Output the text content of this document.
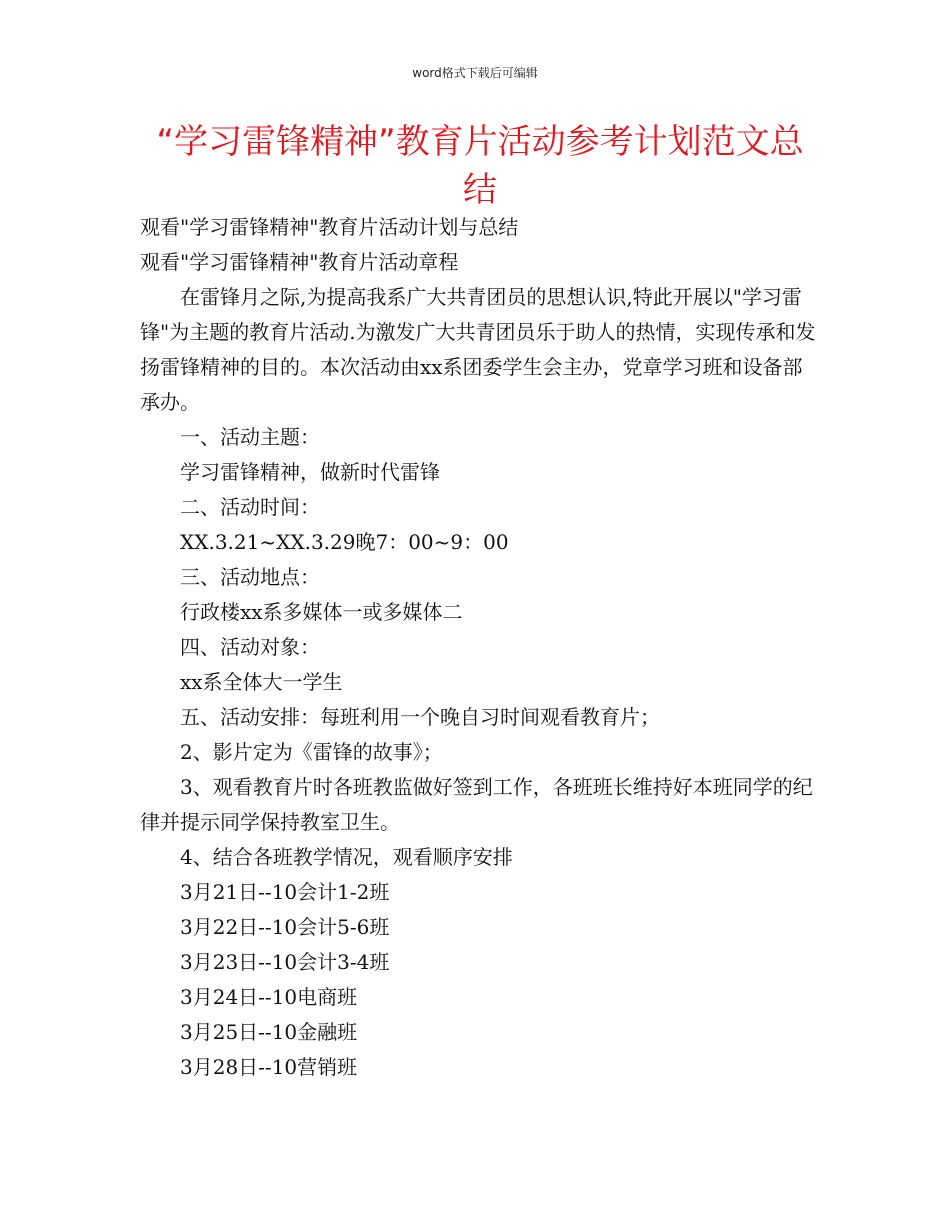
word格式下载后可编辑
“学习雷锋精神”教育片活动参考计划范文总结

观看"学习雷锋精神"教育片活动计划与总结

观看"学习雷锋精神"教育片活动章程

在雷锋月之际,为提高我系广大共青团员的思想认识,特此开展以"学习雷锋"为主题的教育片活动.为激发广大共青团员乐于助人的热情，实现传承和发扬雷锋精神的目的。本次活动由xx系团委学生会主办，党章学习班和设备部承办。

一、活动主题：

学习雷锋精神，做新时代雷锋

二、活动时间：

XX.3.21~XX.3.29晚7：00~9：00

三、活动地点：

行政楼xx系多媒体一或多媒体二

四、活动对象：

xx系全体大一学生

五、活动安排：每班利用一个晚自习时间观看教育片；

2、影片定为《雷锋的故事》；

3、观看教育片时各班教监做好签到工作，各班班长维持好本班同学的纪律并提示同学保持教室卫生。

4、结合各班教学情况，观看顺序安排

3月21日--10会计1-2班

3月22日--10会计5-6班

3月23日--10会计3-4班

3月24日--10电商班

3月25日--10金融班

3月28日--10营销班
